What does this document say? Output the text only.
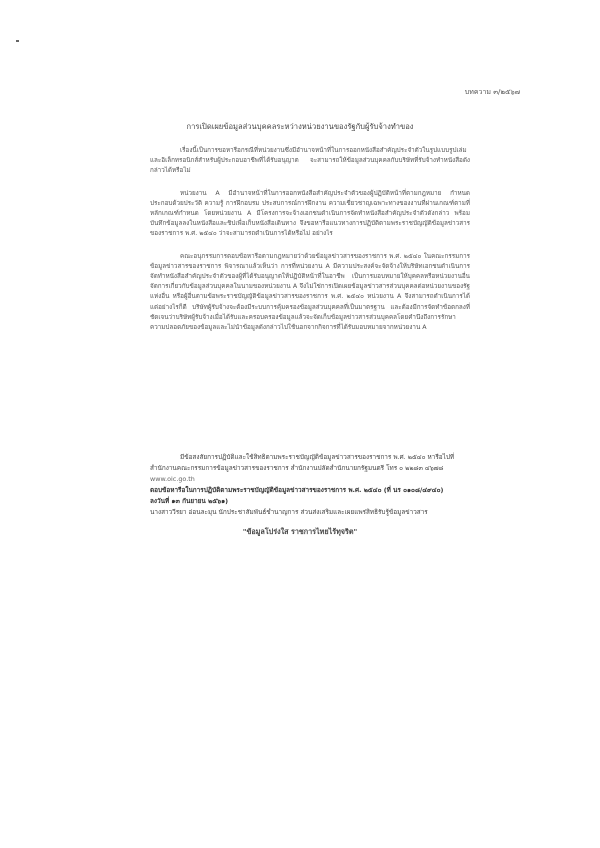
บทความ ๓/๒๕๖๗
การเปิดเผยข้อมูลส่วนบุคคลระหว่างหน่วยงานของรัฐกับผู้รับจ้างทำของ

เรื่องนี้เป็นการขอหารือกรณีที่หน่วยงานซึ่งมีอำนาจหน้าที่ในการออกหนังสือสำคัญประจำตัวในรูปแบบรูปเล่มและอิเล็กทรอนิกส์สำหรับผู้ประกอบอาชีพที่ได้รับอนุญาต จะสามารถให้ข้อมูลส่วนบุคคลกับบริษัทที่รับจ้างทำหนังสือดังกล่าวได้หรือไม่

หน่วยงาน A มีอำนาจหน้าที่ในการออกหนังสือสำคัญประจำตัวของผู้ปฏิบัติหน้าที่ตามกฎหมาย กำหนด ประกอบด้วยประวัติ ความรู้ การฝึกอบรม ประสบการณ์การฝึกงาน ความเชี่ยวชาญเฉพาะทางของงานที่ผ่านเกณฑ์ตามที่หลักเกณฑ์กำหนด โดยหน่วยงาน A มีโครงการจะจ้างเอกชนดำเนินการจัดทำหนังสือสำคัญประจำตัวดังกล่าว พร้อมบันทึกข้อมูลลงในหนังสือและชิปเพื่อเก็บหนังสือเดินทาง จึงขอหารือแนวทางการปฏิบัติตามพระราชบัญญัติข้อมูลข่าวสารของราชการ พ.ศ. ๒๕๔๐ ว่าจะสามารถดำเนินการได้หรือไม่ อย่างไร

คณะอนุกรรมการตอบข้อหารือตามกฎหมายว่าด้วยข้อมูลข่าวสารของราชการ พ.ศ. ๒๕๔๐ ในคณะกรรมการข้อมูลข่าวสารของราชการ พิจารณาแล้วเห็นว่า การที่หน่วยงาน A มีความประสงค์จะจัดจ้างให้บริษัทเอกชนดำเนินการจัดทำหนังสือสำคัญประจำตัวของผู้ที่ได้รับอนุญาตให้ปฏิบัติหน้าที่ในอาชีพ เป็นการมอบหมายให้บุคคลหรือหน่วยงานอื่นจัดการเกี่ยวกับข้อมูลส่วนบุคคลในนามของหน่วยงาน A จึงไม่ใช่การเปิดเผยข้อมูลข่าวสารส่วนบุคคลต่อหน่วยงานของรัฐแห่งอื่น หรือผู้อื่นตามข้อพระราชบัญญัติข้อมูลข่าวสารของราชการ พ.ศ. ๒๕๔๐ หน่วยงาน A จึงสามารถดำเนินการได้ แต่อย่างไรก็ดี บริษัทผู้รับจ้างจะต้องมีระบบการคุ้มครองข้อมูลส่วนบุคคลที่เป็นมาตรฐาน และต้องมีการจัดทำข้อตกลงที่ชัดเจนว่าบริษัทผู้รับจ้างเมื่อได้รับและครอบครองข้อมูลแล้วจะจัดเก็บข้อมูลข่าวสารส่วนบุคคลโดยคำนึงถึงการรักษาความปลอดภัยของข้อมูลและไม่นำข้อมูลดังกล่าวไปใช้นอกจากกิจการที่ได้รับมอบหมายจากหน่วยงาน A

มีข้อสงสัยการปฏิบัติและใช้สิทธิตามพระราชบัญญัติข้อมูลข่าวสารของราชการ พ.ศ. ๒๕๔๐ หารือไปที่สำนักงานคณะกรรมการข้อมูลข่าวสารของราชการ สำนักงานปลัดสำนักนายกรัฐมนตรี โทร ๐ ๒๒๘๓ ๔๖๗๘
www.oic.go.th
ตอบข้อหารือในการปฏิบัติตามพระราชบัญญัติข้อมูลข่าวสารของราชการ พ.ศ. ๒๕๔๐ (ที่ นร ๐๑๐๘/๔๙๔๐)
ลงวันที่ ๑๓ กันยายน ๒๕๖๑)
นางสาววีรยา อ่อนละมุน นักประชาสัมพันธ์ชำนาญการ ส่วนส่งเสริมและเผยแพร่สิทธิรับรู้ข้อมูลข่าวสาร
"ข้อมูลโปร่งใส ราชการไทยไร้ทุจริต"
